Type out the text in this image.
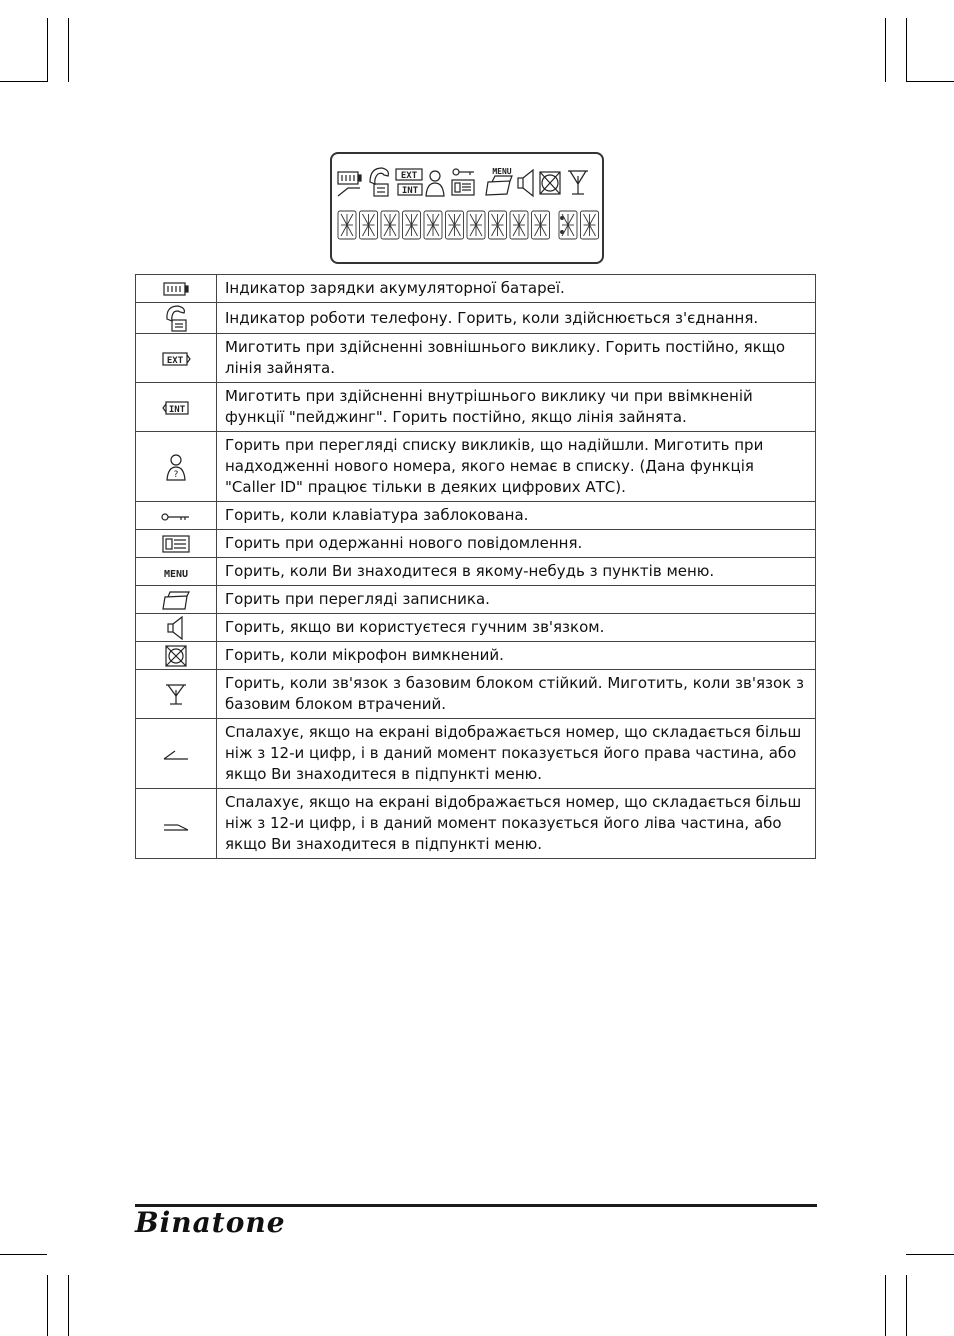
EXT
INT
MENU
	Індикатор зарядки акумуляторної батареї.
	Індикатор роботи телефону. Горить, коли здійснюється з'єднання.

EXT	Миготить при здійсненні зовнішнього виклику. Горить постійно, якщо лінія зайнята.

INT	Миготить при здійсненні внутрішнього виклику чи при ввімкненій функції "пейджинг". Горить постійно, якщо лінія зайнята.

?	Горить при перегляді списку викликів, що надійшли. Миготить при надходженні нового номера, якого немає в списку. (Дана функція "Caller ID" працює тільки в деяких цифрових АТС).
	Горить, коли клавіатура заблокована.
	Горить при одержанні нового повідомлення.

MENU	Горить, коли Ви знаходитеся в якому-небудь з пунктів меню.
	Горить при перегляді записника.
	Горить, якщо ви користуєтеся гучним зв'язком.
	Горить, коли мікрофон вимкнений.
	Горить, коли зв'язок з базовим блоком стійкий. Миготить, коли зв'язок з базовим блоком втрачений.
	Спалахує, якщо на екрані відображається номер, що складається більш ніж з 12-и цифр, і в даний момент показується його права частина, або якщо Ви знаходитеся в підпункті меню.
	Спалахує, якщо на екрані відображається номер, що складається більш ніж з 12-и цифр, і в даний момент показується його ліва частина, або якщо Ви знаходитеся в підпункті меню.
Binatone
